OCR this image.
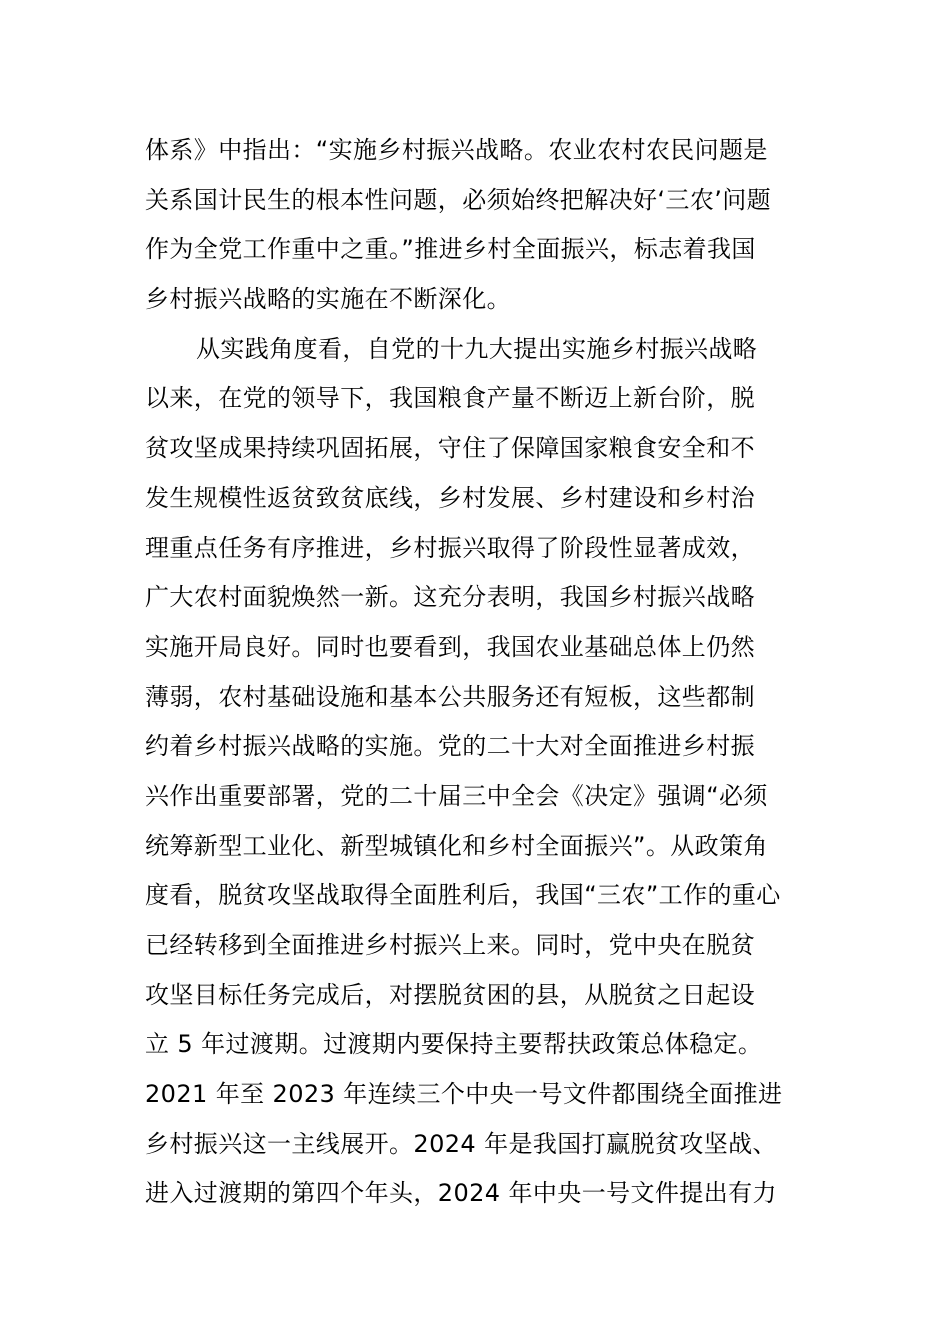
体系》中指出：“实施乡村振兴战略。农业农村农民问题是
关系国计民生的根本性问题，必须始终把解决好‘三农’问题
作为全党工作重中之重。”推进乡村全面振兴，标志着我国
乡村振兴战略的实施在不断深化。
从实践角度看，自党的十九大提出实施乡村振兴战略
以来，在党的领导下，我国粮食产量不断迈上新台阶，脱
贫攻坚成果持续巩固拓展，守住了保障国家粮食安全和不
发生规模性返贫致贫底线，乡村发展、乡村建设和乡村治
理重点任务有序推进，乡村振兴取得了阶段性显著成效，
广大农村面貌焕然一新。这充分表明，我国乡村振兴战略
实施开局良好。同时也要看到，我国农业基础总体上仍然
薄弱，农村基础设施和基本公共服务还有短板，这些都制
约着乡村振兴战略的实施。党的二十大对全面推进乡村振
兴作出重要部署，党的二十届三中全会《决定》强调“必须
统筹新型工业化、新型城镇化和乡村全面振兴”。从政策角
度看，脱贫攻坚战取得全面胜利后，我国“三农”工作的重心
已经转移到全面推进乡村振兴上来。同时，党中央在脱贫
攻坚目标任务完成后，对摆脱贫困的县，从脱贫之日起设
立 5 年过渡期。过渡期内要保持主要帮扶政策总体稳定。
2021 年至 2023 年连续三个中央一号文件都围绕全面推进
乡村振兴这一主线展开。2024 年是我国打赢脱贫攻坚战、
进入过渡期的第四个年头，2024 年中央一号文件提出有力
